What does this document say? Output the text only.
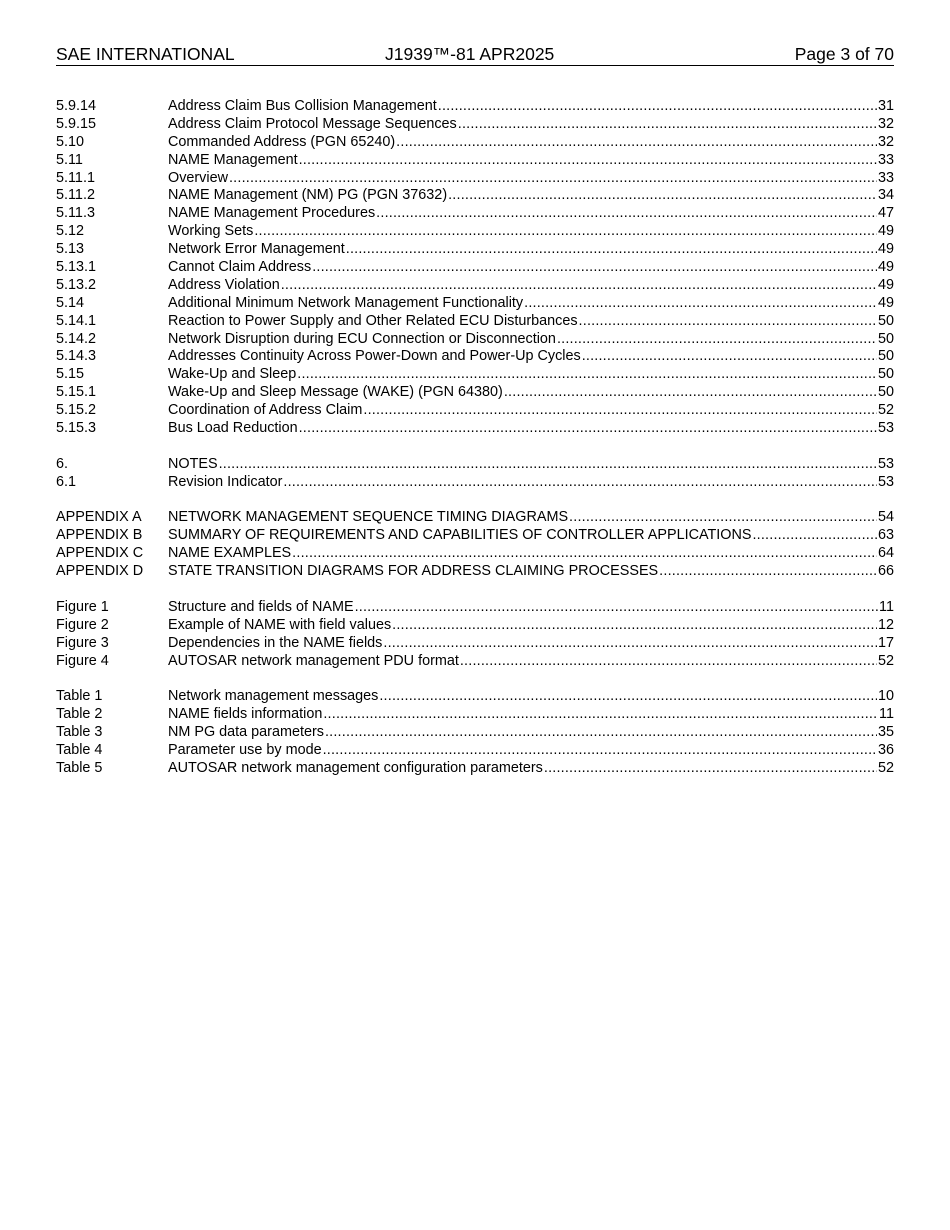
SAE INTERNATIONAL	J1939™-81 APR2025	Page 3 of 70
5.9.14	Address Claim Bus Collision Management . . .	31
5.9.15	Address Claim Protocol Message Sequences . . .	32
5.10	Commanded Address (PGN 65240) . . .	32
5.11	NAME Management . . .	33
5.11.1	Overview . . .	33
5.11.2	NAME Management (NM) PG (PGN 37632) . . .	34
5.11.3	NAME Management Procedures . . .	47
5.12	Working Sets . . .	49
5.13	Network Error Management . . .	49
5.13.1	Cannot Claim Address . . .	49
5.13.2	Address Violation . . .	49
5.14	Additional Minimum Network Management Functionality . . .	49
5.14.1	Reaction to Power Supply and Other Related ECU Disturbances . . .	50
5.14.2	Network Disruption during ECU Connection or Disconnection . . .	50
5.14.3	Addresses Continuity Across Power-Down and Power-Up Cycles . . .	50
5.15	Wake-Up and Sleep . . .	50
5.15.1	Wake-Up and Sleep Message (WAKE) (PGN 64380) . . .	50
5.15.2	Coordination of Address Claim . . .	52
5.15.3	Bus Load Reduction . . .	53
6.	NOTES . . .	53
6.1	Revision Indicator . . .	53
APPENDIX A	NETWORK MANAGEMENT SEQUENCE TIMING DIAGRAMS . . .	54
APPENDIX B	SUMMARY OF REQUIREMENTS AND CAPABILITIES OF CONTROLLER APPLICATIONS . . .	63
APPENDIX C	NAME EXAMPLES . . .	64
APPENDIX D	STATE TRANSITION DIAGRAMS FOR ADDRESS CLAIMING PROCESSES . . .	66
Figure 1	Structure and fields of NAME . . .	11
Figure 2	Example of NAME with field values . . .	12
Figure 3	Dependencies in the NAME fields . . .	17
Figure 4	AUTOSAR network management PDU format . . .	52
Table 1	Network management messages . . .	10
Table 2	NAME fields information . . .	11
Table 3	NM PG data parameters . . .	35
Table 4	Parameter use by mode . . .	36
Table 5	AUTOSAR network management configuration parameters . . .	52
